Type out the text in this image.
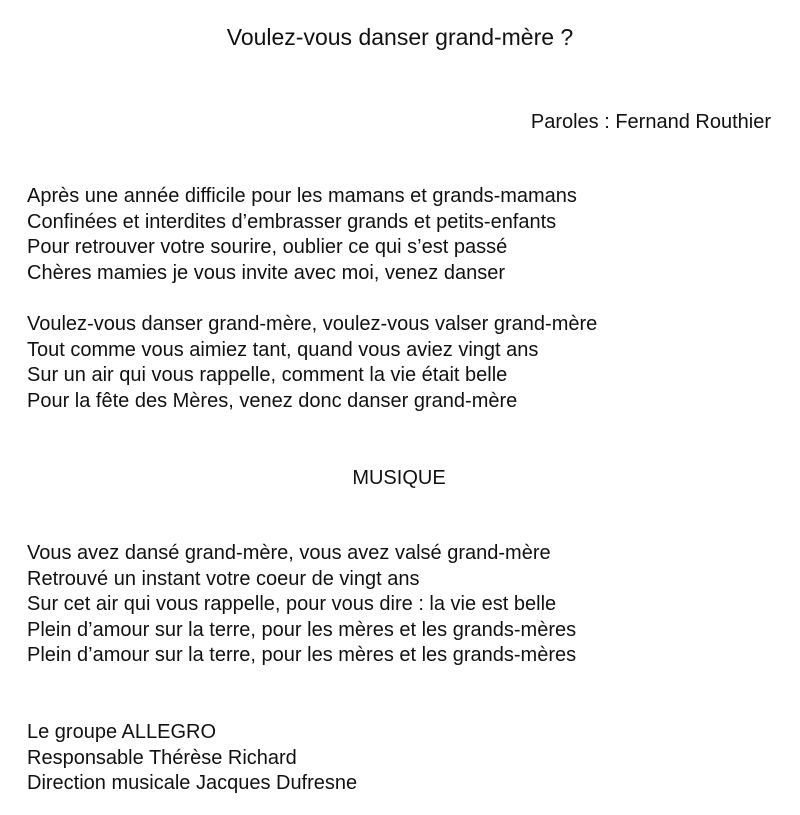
Voulez-vous danser grand-mère ?
Paroles : Fernand Routhier
Après une année difficile pour les mamans et grands-mamans
Confinées et interdites d’embrasser grands et petits-enfants
Pour retrouver votre sourire, oublier ce qui s’est passé
Chères mamies je vous invite avec moi, venez danser
Voulez-vous danser grand-mère, voulez-vous valser grand-mère
Tout comme vous aimiez tant, quand vous aviez vingt ans
Sur un air qui vous rappelle, comment la vie était belle
Pour la fête des Mères, venez donc danser grand-mère
MUSIQUE
Vous avez dansé grand-mère, vous avez valsé grand-mère
Retrouvé un instant votre coeur de vingt ans
Sur cet air qui vous rappelle, pour vous dire : la vie est belle
Plein d’amour sur la terre, pour les mères et les grands-mères
Plein d’amour sur la terre, pour les mères et les grands-mères
Le groupe ALLEGRO
Responsable Thérèse Richard
Direction musicale Jacques Dufresne
